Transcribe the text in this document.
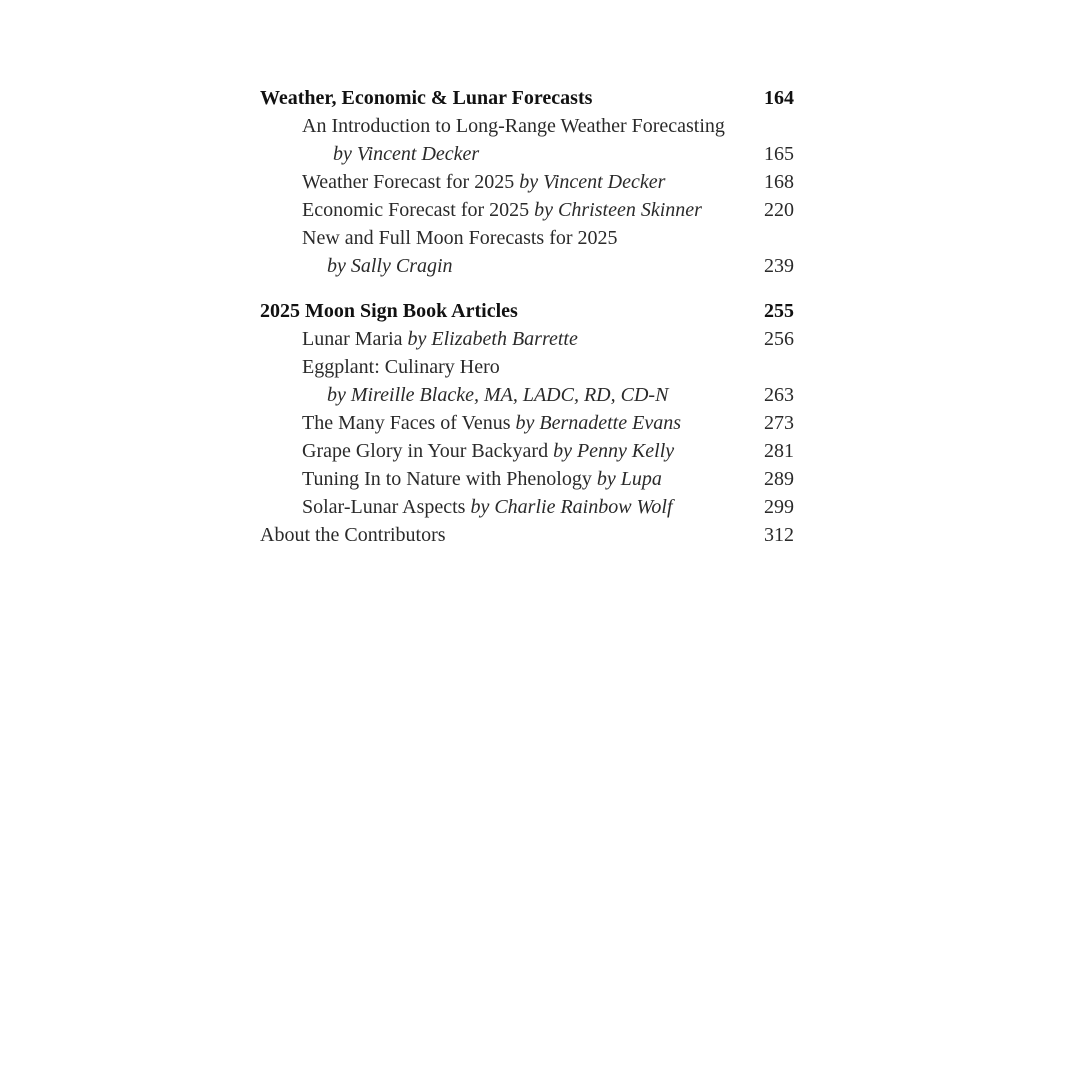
Weather, Economic & Lunar Forecasts	164
An Introduction to Long-Range Weather Forecasting
by Vincent Decker	165
Weather Forecast for 2025 by Vincent Decker	168
Economic Forecast for 2025 by Christeen Skinner	220
New and Full Moon Forecasts for 2025
by Sally Cragin	239
2025 Moon Sign Book Articles	255
Lunar Maria by Elizabeth Barrette	256
Eggplant: Culinary Hero
by Mireille Blacke, MA, LADC, RD, CD-N	263
The Many Faces of Venus by Bernadette Evans	273
Grape Glory in Your Backyard by Penny Kelly	281
Tuning In to Nature with Phenology by Lupa	289
Solar-Lunar Aspects by Charlie Rainbow Wolf	299
About the Contributors	312
